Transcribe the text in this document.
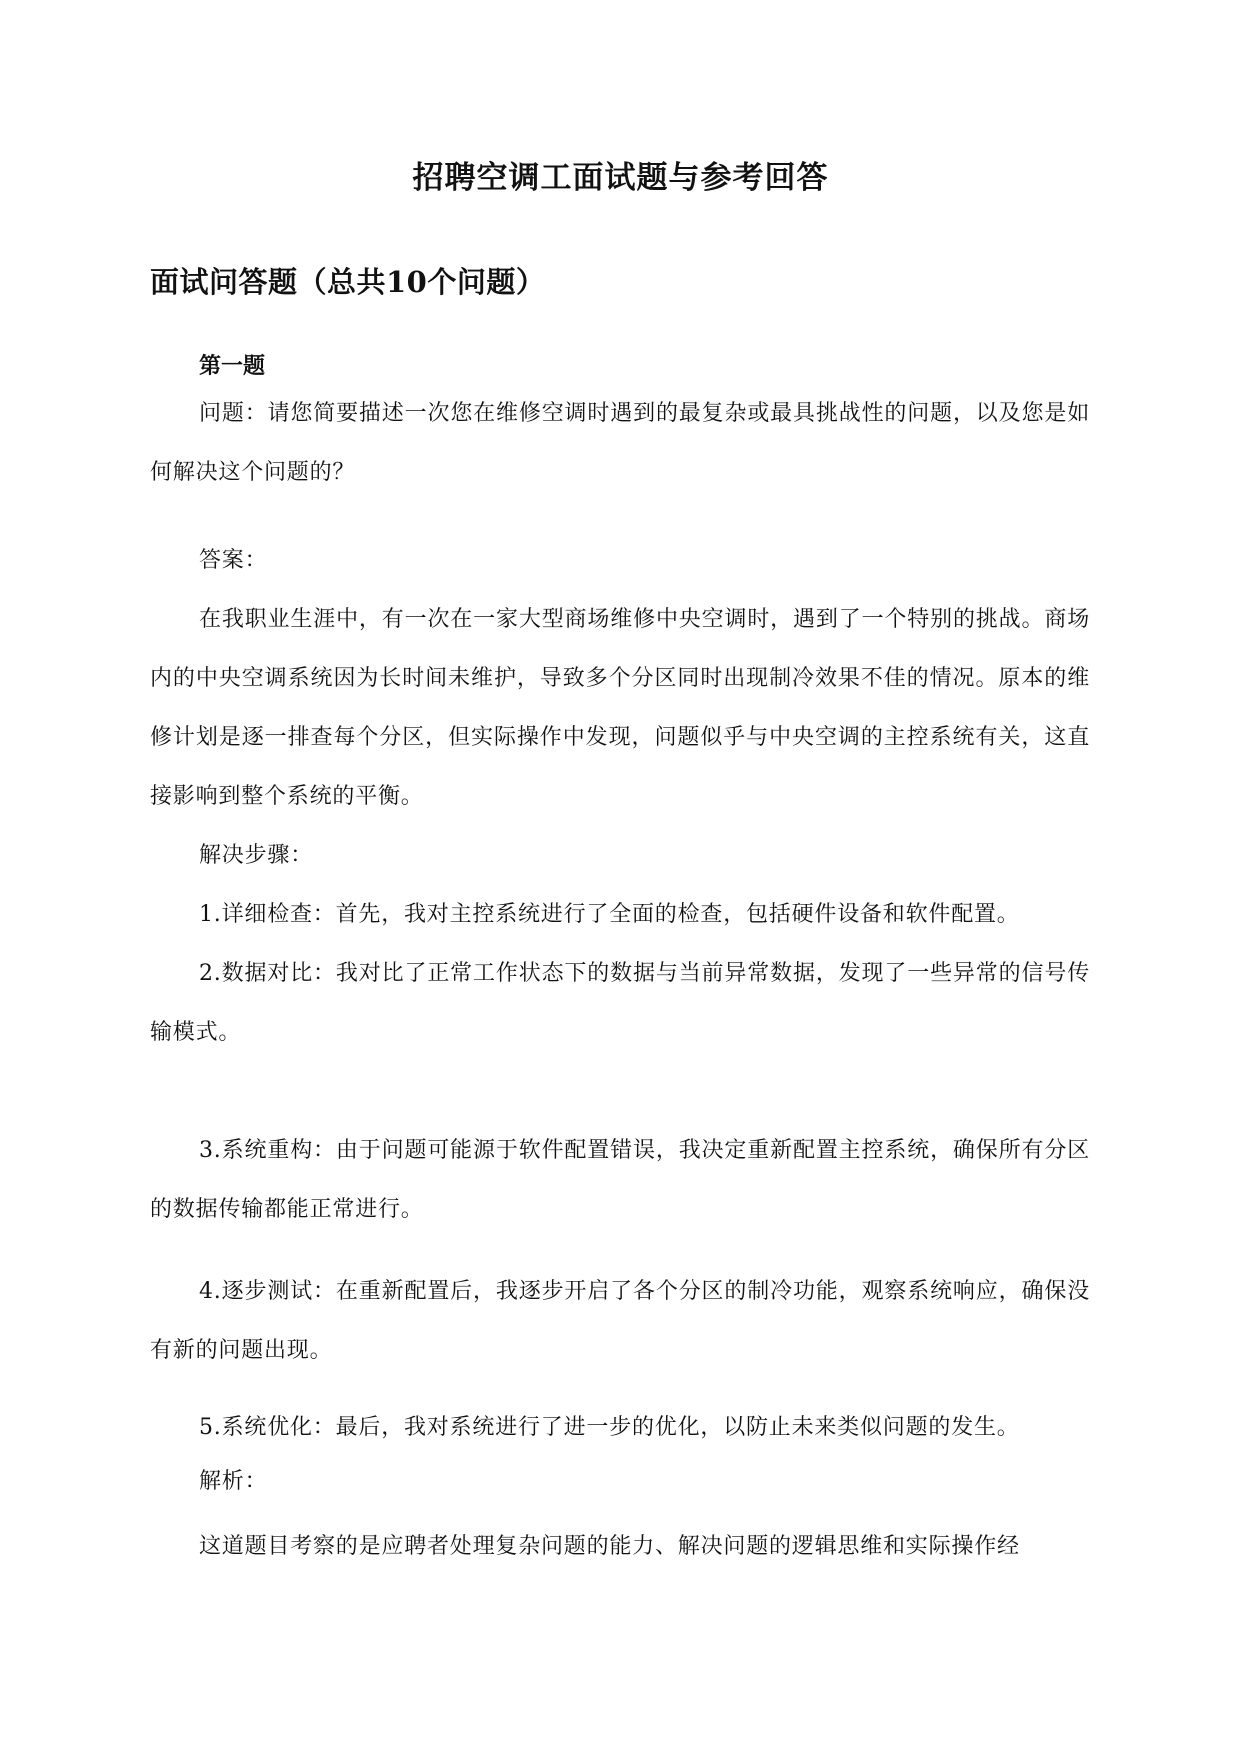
招聘空调工面试题与参考回答
面试问答题（总共10个问题）
第一题

问题：请您简要描述一次您在维修空调时遇到的最复杂或最具挑战性的问题，以及您是如何解决这个问题的？

答案：

在我职业生涯中，有一次在一家大型商场维修中央空调时，遇到了一个特别的挑战。商场内的中央空调系统因为长时间未维护，导致多个分区同时出现制冷效果不佳的情况。原本的维修计划是逐一排查每个分区，但实际操作中发现，问题似乎与中央空调的主控系统有关，这直接影响到整个系统的平衡。

解决步骤：

1.详细检查：首先，我对主控系统进行了全面的检查，包括硬件设备和软件配置。

2.数据对比：我对比了正常工作状态下的数据与当前异常数据，发现了一些异常的信号传输模式。

3.系统重构：由于问题可能源于软件配置错误，我决定重新配置主控系统，确保所有分区的数据传输都能正常进行。

4.逐步测试：在重新配置后，我逐步开启了各个分区的制冷功能，观察系统响应，确保没有新的问题出现。

5.系统优化：最后，我对系统进行了进一步的优化，以防止未来类似问题的发生。

解析：

这道题目考察的是应聘者处理复杂问题的能力、解决问题的逻辑思维和实际操作经
